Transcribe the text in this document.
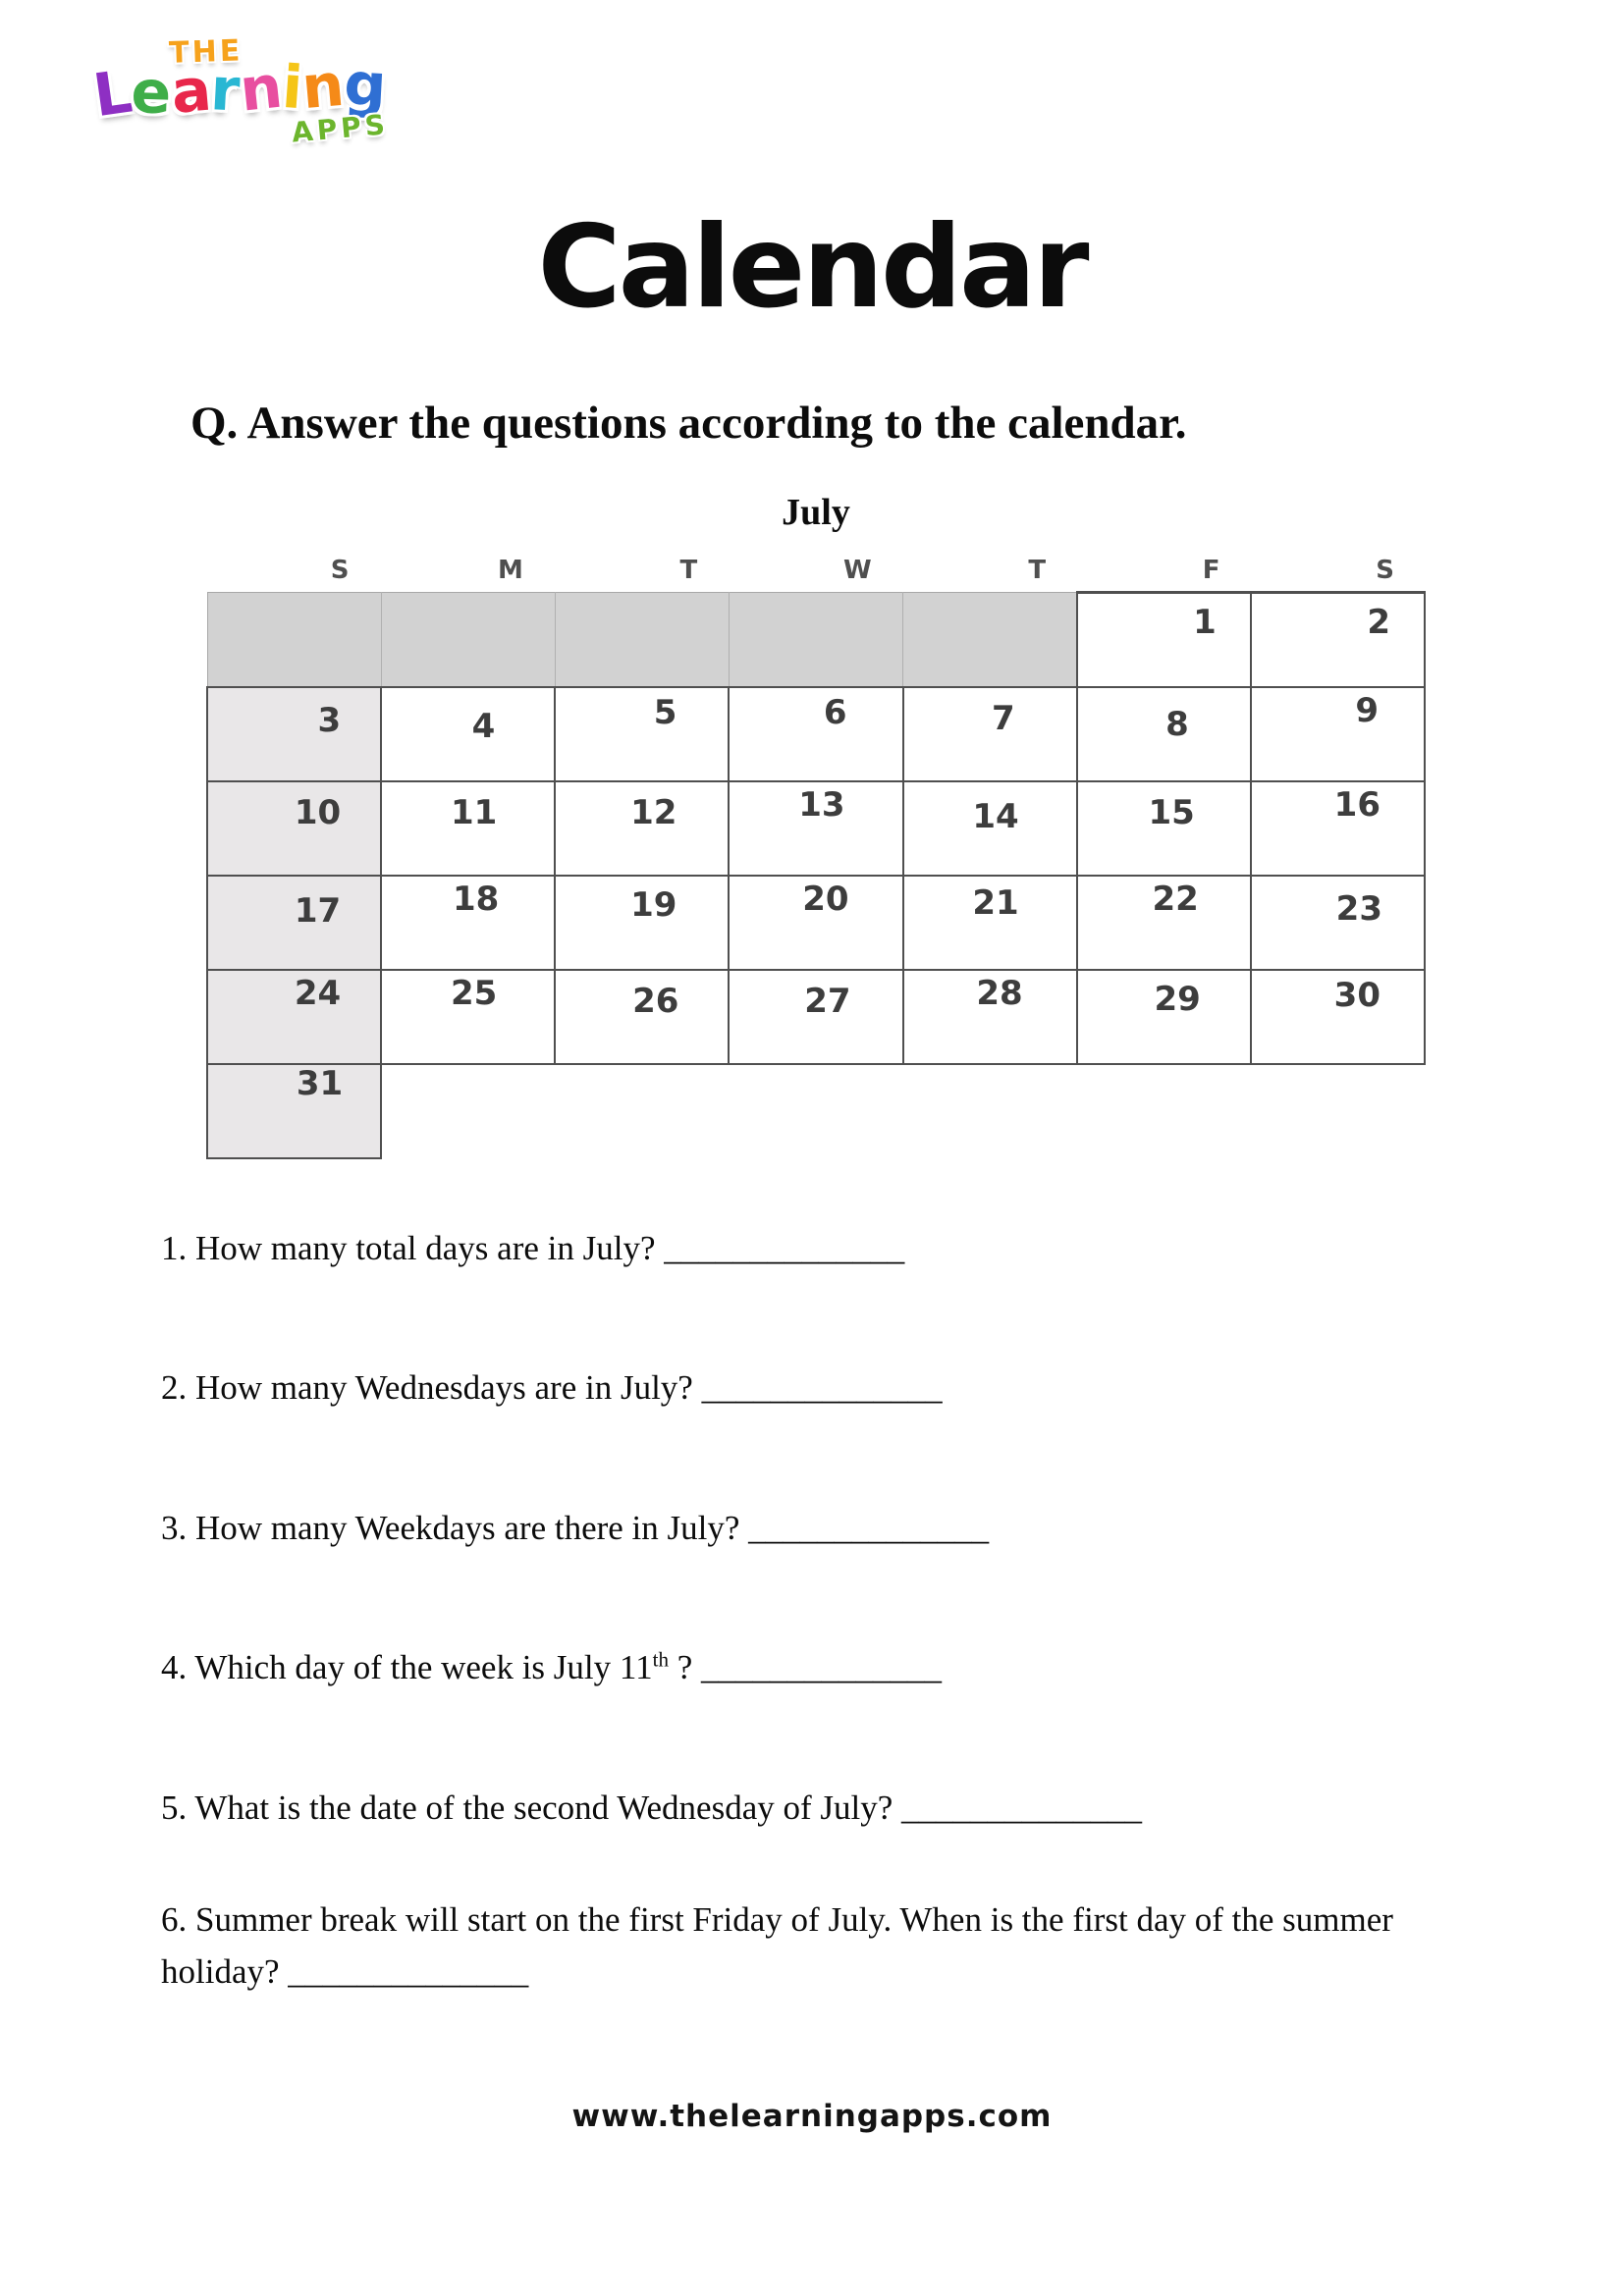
THE
Learning
APPS
Calendar
Q. Answer the questions according to the calendar.
July
S	M	T	W	T	F	S

					1	2

3	4	5	6	7	8	9

10	11	12	13	14	15	16

17	18	19	20	21	22	23

24	25	26	27	28	29	30

31						

1. How many total days are in July? ______________
2. How many Wednesdays are in July? ______________
3. How many Weekdays are there in July? ______________
4. Which day of the week is July 11th ? ______________
5. What is the date of the second Wednesday of July? ______________
6. Summer break will start on the first Friday of July. When is the first day of the summer holiday? ______________
www.thelearningapps.com
